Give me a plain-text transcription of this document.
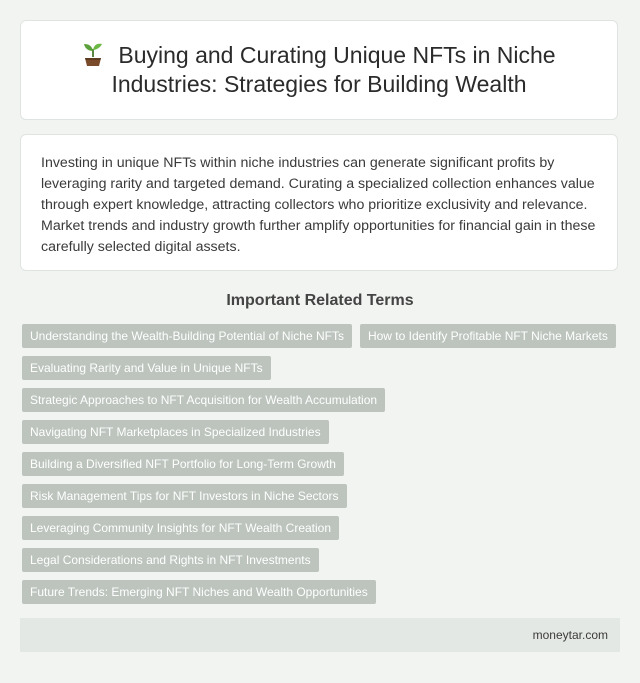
Buying and Curating Unique NFTs in Niche Industries: Strategies for Building Wealth

Investing in unique NFTs within niche industries can generate significant profits by leveraging rarity and targeted demand. Curating a specialized collection enhances value through expert knowledge, attracting collectors who prioritize exclusivity and relevance. Market trends and industry growth further amplify opportunities for financial gain in these carefully selected digital assets.

Important Related Terms
Understanding the Wealth-Building Potential of Niche NFTs	How to Identify Profitable NFT Niche Markets
Evaluating Rarity and Value in Unique NFTs
Strategic Approaches to NFT Acquisition for Wealth Accumulation
Navigating NFT Marketplaces in Specialized Industries
Building a Diversified NFT Portfolio for Long-Term Growth
Risk Management Tips for NFT Investors in Niche Sectors
Leveraging Community Insights for NFT Wealth Creation
Legal Considerations and Rights in NFT Investments
Future Trends: Emerging NFT Niches and Wealth Opportunities
moneytar.com
